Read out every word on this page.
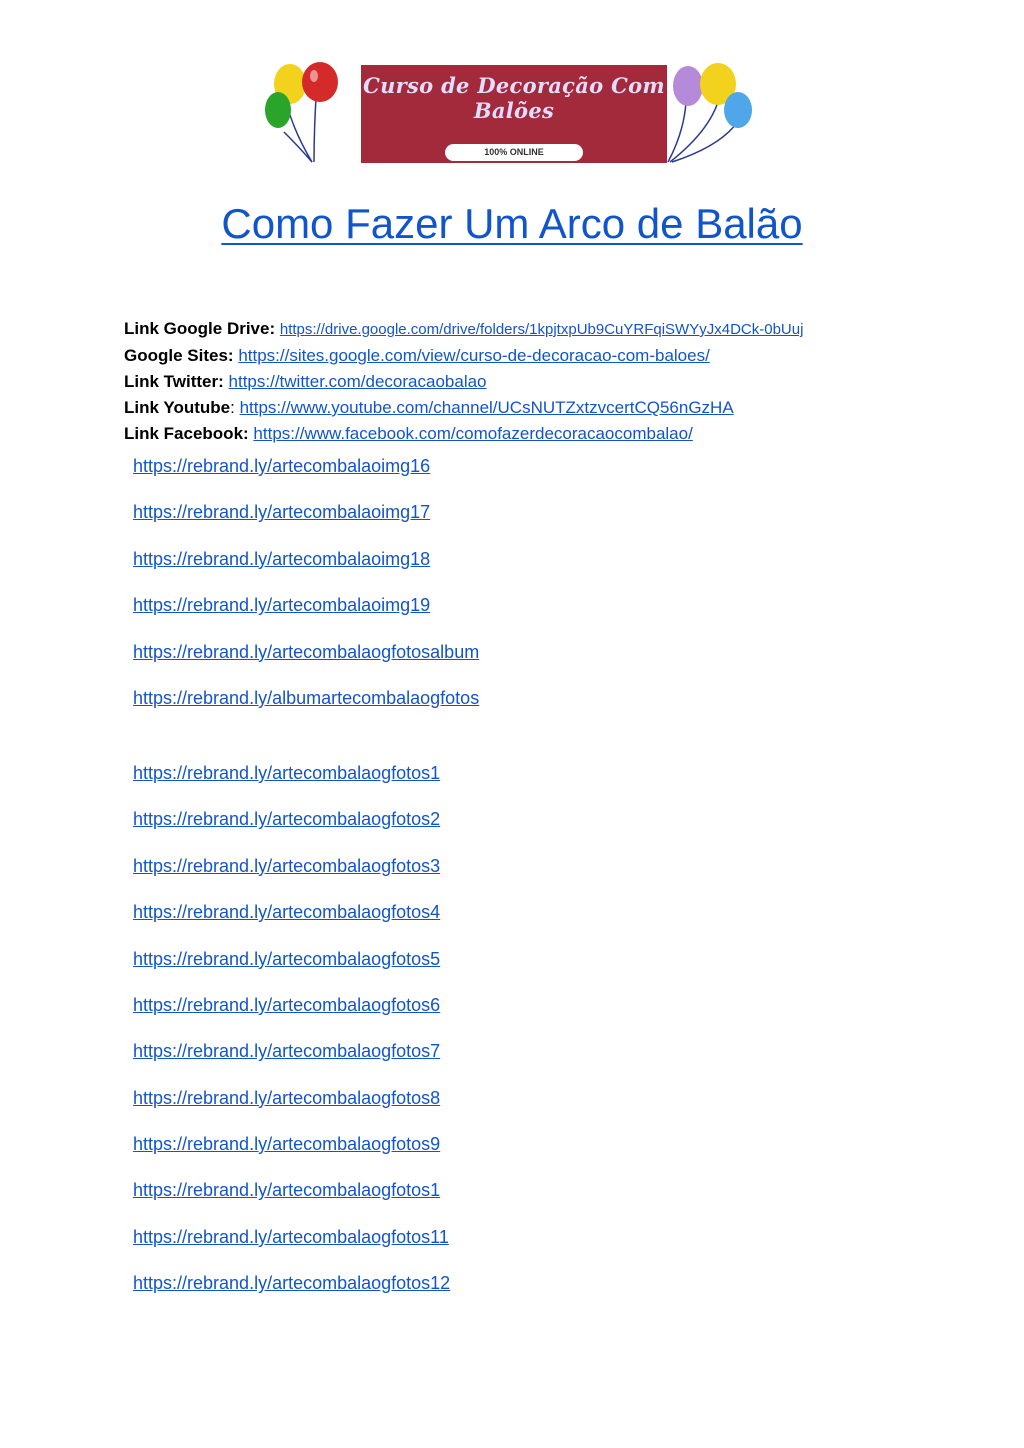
Curso de Decoração Com
Balões
100% ONLINE
Como Fazer Um Arco de Balão
Link Google Drive: https://drive.google.com/drive/folders/1kpjtxpUb9CuYRFqiSWYyJx4DCk-0bUuj
Google Sites: https://sites.google.com/view/curso-de-decoracao-com-baloes/
Link Twitter: https://twitter.com/decoracaobalao
Link Youtube: https://www.youtube.com/channel/UCsNUTZxtzvcertCQ56nGzHA
Link Facebook: https://www.facebook.com/comofazerdecoracaocombalao/
https://rebrand.ly/artecombalaoimg16
https://rebrand.ly/artecombalaoimg17
https://rebrand.ly/artecombalaoimg18
https://rebrand.ly/artecombalaoimg19
https://rebrand.ly/artecombalaogfotosalbum
https://rebrand.ly/albumartecombalaogfotos
https://rebrand.ly/artecombalaogfotos1
https://rebrand.ly/artecombalaogfotos2
https://rebrand.ly/artecombalaogfotos3
https://rebrand.ly/artecombalaogfotos4
https://rebrand.ly/artecombalaogfotos5
https://rebrand.ly/artecombalaogfotos6
https://rebrand.ly/artecombalaogfotos7
https://rebrand.ly/artecombalaogfotos8
https://rebrand.ly/artecombalaogfotos9
https://rebrand.ly/artecombalaogfotos1
https://rebrand.ly/artecombalaogfotos11
https://rebrand.ly/artecombalaogfotos12
